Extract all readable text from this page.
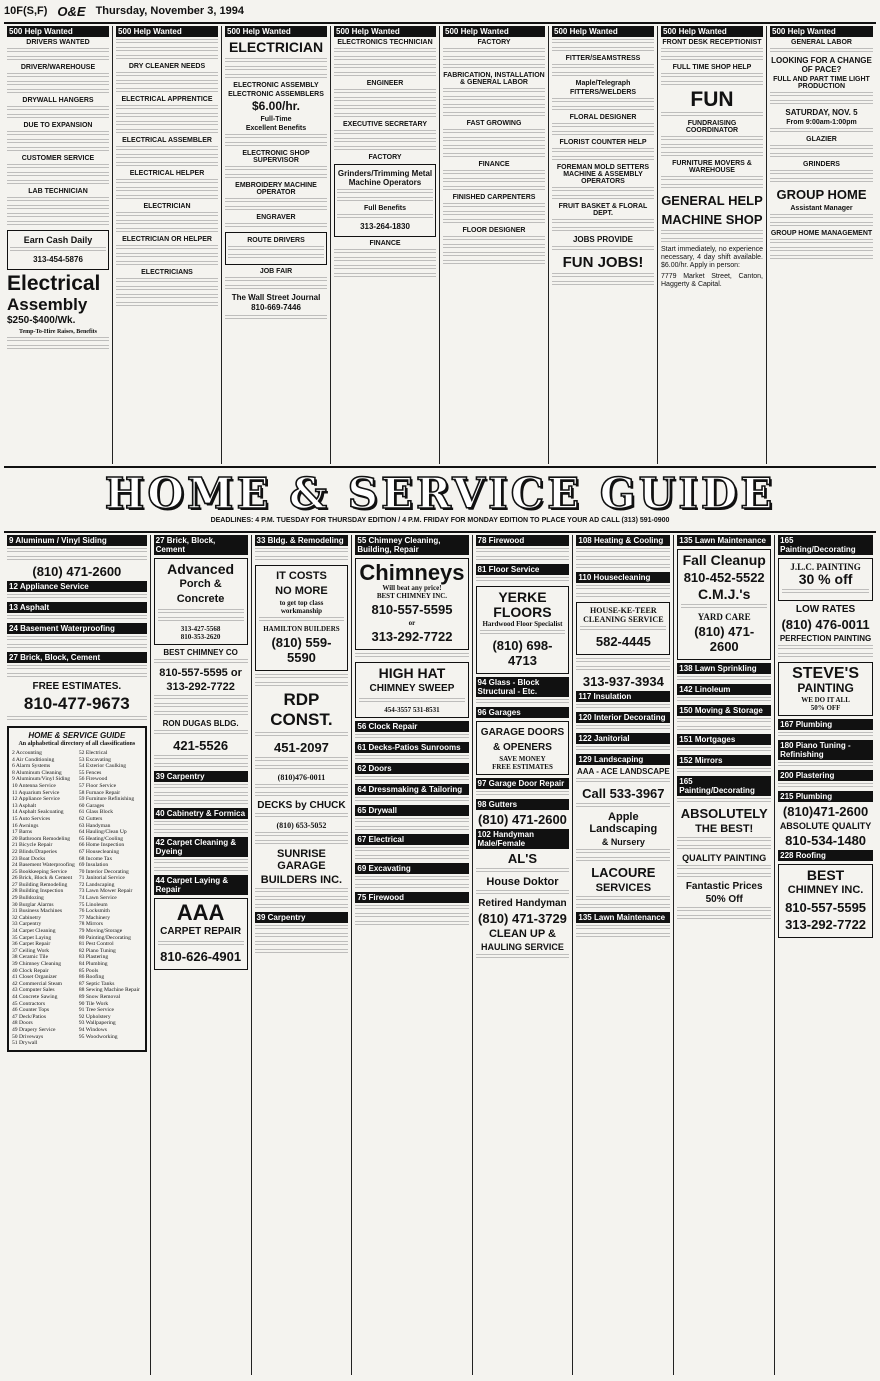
10F(S,F) O&E Thursday, November 3, 1994
500 Help Wanted
DRIVERS WANTED
DRIVER/WAREHOUSE
DRYWALL HANGERS
DUE TO EXPANSION
CUSTOMER SERVICE
LAB TECHNICIAN
Earn Cash Daily
313-454-5876
Electrical
Assembly
$250-$400/Wk.
Temp-To-Hire Raises, Benefits
500 Help Wanted
DRY CLEANER NEEDS
ELECTRICAL APPRENTICE
ELECTRICAL ASSEMBLER
ELECTRICAL HELPER
ELECTRICIAN
ELECTRICIAN OR HELPER
ELECTRICIANS
500 Help Wanted
ELECTRICIAN
ELECTRONIC ASSEMBLY
ELECTRONIC ASSEMBLERS
$6.00/hr.
Full-Time
Excellent Benefits
ELECTRONIC SHOP SUPERVISOR
EMBROIDERY MACHINE OPERATOR
ENGRAVER
ROUTE DRIVERS
JOB FAIR
The Wall Street Journal
810-669-7446
500 Help Wanted
ELECTRONICS TECHNICIAN
ENGINEER
EXECUTIVE SECRETARY
FACTORY
Grinders/Trimming Metal Machine Operators
Full Benefits
313-264-1830
FINANCE
500 Help Wanted
FACTORY
FABRICATION, INSTALLATION & GENERAL LABOR
FAST GROWING
FINANCE
FINISHED CARPENTERS
FLOOR DESIGNER
500 Help Wanted
FITTER/SEAMSTRESS
Maple/Telegraph
FITTERS/WELDERS
FLORAL DESIGNER
FLORIST COUNTER HELP
FOREMAN MOLD SETTERS MACHINE & ASSEMBLY OPERATORS
FRUIT BASKET & FLORAL DEPT.
JOBS PROVIDE
FUN JOBS!
500 Help Wanted
FRONT DESK RECEPTIONIST
FULL TIME SHOP HELP
FUN
FUNDRAISING COORDINATOR
FURNITURE MOVERS & WAREHOUSE
GENERAL HELP
MACHINE SHOP
Start immediately, no experience necessary, 4 day shift available. $6.00/hr. Apply in person:
7779 Market Street, Canton, Haggerty & Capital.
500 Help Wanted
GENERAL LABOR
LOOKING FOR A CHANGE OF PACE?
FULL AND PART TIME LIGHT PRODUCTION
SATURDAY, NOV. 5
From 9:00am-1:00pm
GLAZIER
GRINDERS
GROUP HOME
Assistant Manager
GROUP HOME MANAGEMENT
HOME & SERVICE GUIDE
DEADLINES: 4 P.M. TUESDAY FOR THURSDAY EDITION / 4 P.M. FRIDAY FOR MONDAY EDITION TO PLACE YOUR AD CALL (313) 591-0900
9 Aluminum / Vinyl Siding
(810) 471-2600
12 Appliance Service
13 Asphalt
24 Basement Waterproofing
27 Brick, Block, Cement
FREE ESTIMATES.
810-477-9673
HOME & SERVICE GUIDE
An alphabetical directory of all classifications
2 Accounting
4 Air Conditioning
6 Alarm Systems
8 Aluminum Cleaning
9 Aluminum/Vinyl Siding
10 Antenna Service
11 Aquarium Service
12 Appliance Service
13 Asphalt
14 Asphalt Sealcoating
15 Auto Services
16 Awnings
17 Barns
20 Bathroom Remodeling
21 Bicycle Repair
22 Blinds/Draperies
23 Boat Docks
24 Basement Waterproofing
25 Bookkeeping Service
26 Brick, Block & Cement
27 Building Remodeling
28 Building Inspection
29 Bulldozing
30 Burglar Alarms
31 Business Machines
32 Cabinetry
33 Carpentry
34 Carpet Cleaning
35 Carpet Laying
36 Carpet Repair
37 Ceiling Work
38 Ceramic Tile
39 Chimney Cleaning
40 Clock Repair
41 Closet Organizer
42 Commercial Steam
43 Computer Sales
44 Concrete Sawing
45 Contractors
46 Counter Tops
47 Deck/Patios
48 Doors
49 Drapery Service
50 Driveways
51 Drywall
52 Electrical
53 Excavating
54 Exterior Caulking
55 Fences
56 Firewood
57 Floor Service
58 Furnace Repair
59 Furniture Refinishing
60 Garages
61 Glass Block
62 Gutters
63 Handyman
64 Hauling/Clean Up
65 Heating/Cooling
66 Home Inspection
67 Housecleaning
68 Income Tax
69 Insulation
70 Interior Decorating
71 Janitorial Service
72 Landscaping
73 Lawn Mower Repair
74 Lawn Service
75 Linoleum
76 Locksmith
77 Machinery
78 Mirrors
79 Moving/Storage
80 Painting/Decorating
81 Pest Control
82 Piano Tuning
83 Plastering
84 Plumbing
85 Pools
86 Roofing
87 Septic Tanks
88 Sewing Machine Repair
89 Snow Removal
90 Tile Work
91 Tree Service
92 Upholstery
93 Wallpapering
94 Windows
95 Woodworking
27 Brick, Block, Cement
Advanced
Porch & Concrete
313-427-5568
810-353-2620
BEST CHIMNEY CO
810-557-5595 or
313-292-7722
RON DUGAS BLDG.
421-5526
39 Carpentry
40 Cabinetry & Formica
42 Carpet Cleaning & Dyeing
44 Carpet Laying & Repair
AAA
CARPET REPAIR
810-626-4901
33 Bldg. & Remodeling
IT COSTS
NO MORE
to get top class workmanship
HAMILTON BUILDERS
(810) 559-5590
RDP CONST.
451-2097
(810)476-0011
DECKS by CHUCK
(810) 653-5052
SUNRISE GARAGE
BUILDERS INC.
39 Carpentry
55 Chimney Cleaning, Building, Repair
Chimneys
Will beat any price!
BEST CHIMNEY INC.
810-557-5595
or
313-292-7722
HIGH HAT
CHIMNEY SWEEP
454-3557 531-8531
56 Clock Repair
61 Decks-Patios Sunrooms
62 Doors
64 Dressmaking & Tailoring
65 Drywall
67 Electrical
69 Excavating
75 Firewood
78 Firewood
81 Floor Service
YERKE FLOORS
Hardwood Floor Specialist
(810) 698-4713
94 Glass - Block Structural - Etc.
96 Garages
GARAGE DOORS & OPENERS
SAVE MONEY
FREE ESTIMATES
97 Garage Door Repair
98 Gutters
(810) 471-2600
102 Handyman Male/Female
AL'S
House Doktor
Retired Handyman
(810) 471-3729
CLEAN UP &
HAULING SERVICE
108 Heating & Cooling
110 Housecleaning
HOUSE-KE-TEER CLEANING SERVICE
582-4445
313-937-3934
117 Insulation
120 Interior Decorating
122 Janitorial
129 Landscaping
AAA - ACE LANDSCAPE
Call 533-3967
Apple Landscaping
& Nursery
LACOURE
SERVICES
135 Lawn Maintenance
135 Lawn Maintenance
Fall Cleanup
810-452-5522
C.M.J.'s
YARD CARE
(810) 471-2600
138 Lawn Sprinkling
142 Linoleum
150 Moving & Storage
151 Mortgages
152 Mirrors
165 Painting/Decorating
ABSOLUTELY
THE BEST!
QUALITY PAINTING
Fantastic Prices
50% Off
165 Painting/Decorating
J.L.C. PAINTING
30 % off
LOW RATES
(810) 476-0011
PERFECTION PAINTING
STEVE'S
PAINTING
WE DO IT ALL
50% OFF
167 Plumbing
180 Piano Tuning - Refinishing
200 Plastering
215 Plumbing
(810)471-2600
ABSOLUTE QUALITY
810-534-1480
228 Roofing
BEST
CHIMNEY INC.
810-557-5595
313-292-7722
